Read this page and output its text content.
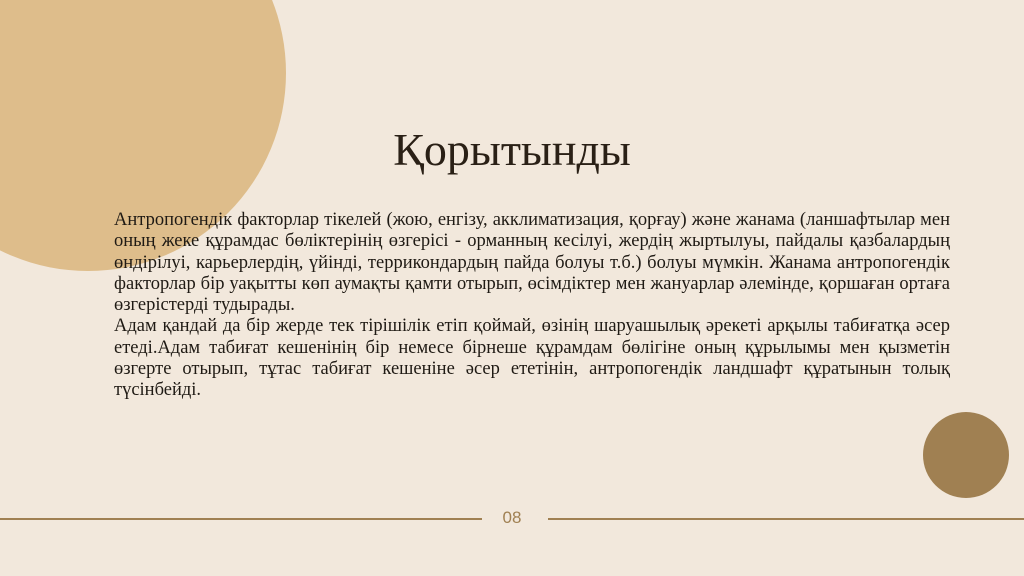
Қорытынды

Антропогендік факторлар тікелей (жою, енгізу, акклиматизация, қорғау) және жанама (ланшафтылар мен оның жеке құрамдас бөліктерінің өзгерісі - орманның кесілуі, жердің жыртылуы, пайдалы қазбалардың өндірілуі, карьерлердің, үйінді, террикондардың пайда болуы т.б.) болуы мүмкін. Жанама антропогендік факторлар бір уақытты көп аумақты қамти отырып, өсімдіктер мен жануарлар әлемінде, қоршаған ортаға өзгерістерді тудырады.

Адам қандай да бір жерде тек тірішілік етіп қоймай, өзінің шаруашылық әрекеті арқылы табиғатқа әсер етеді.Адам табиғат кешенінің бір немесе бірнеше құрамдам бөлігіне оның құрылымы мен қызметін өзгерте отырып, тұтас табиғат кешеніне әсер ететінін, антропогендік ландшафт құратынын толық түсінбейді.

08
